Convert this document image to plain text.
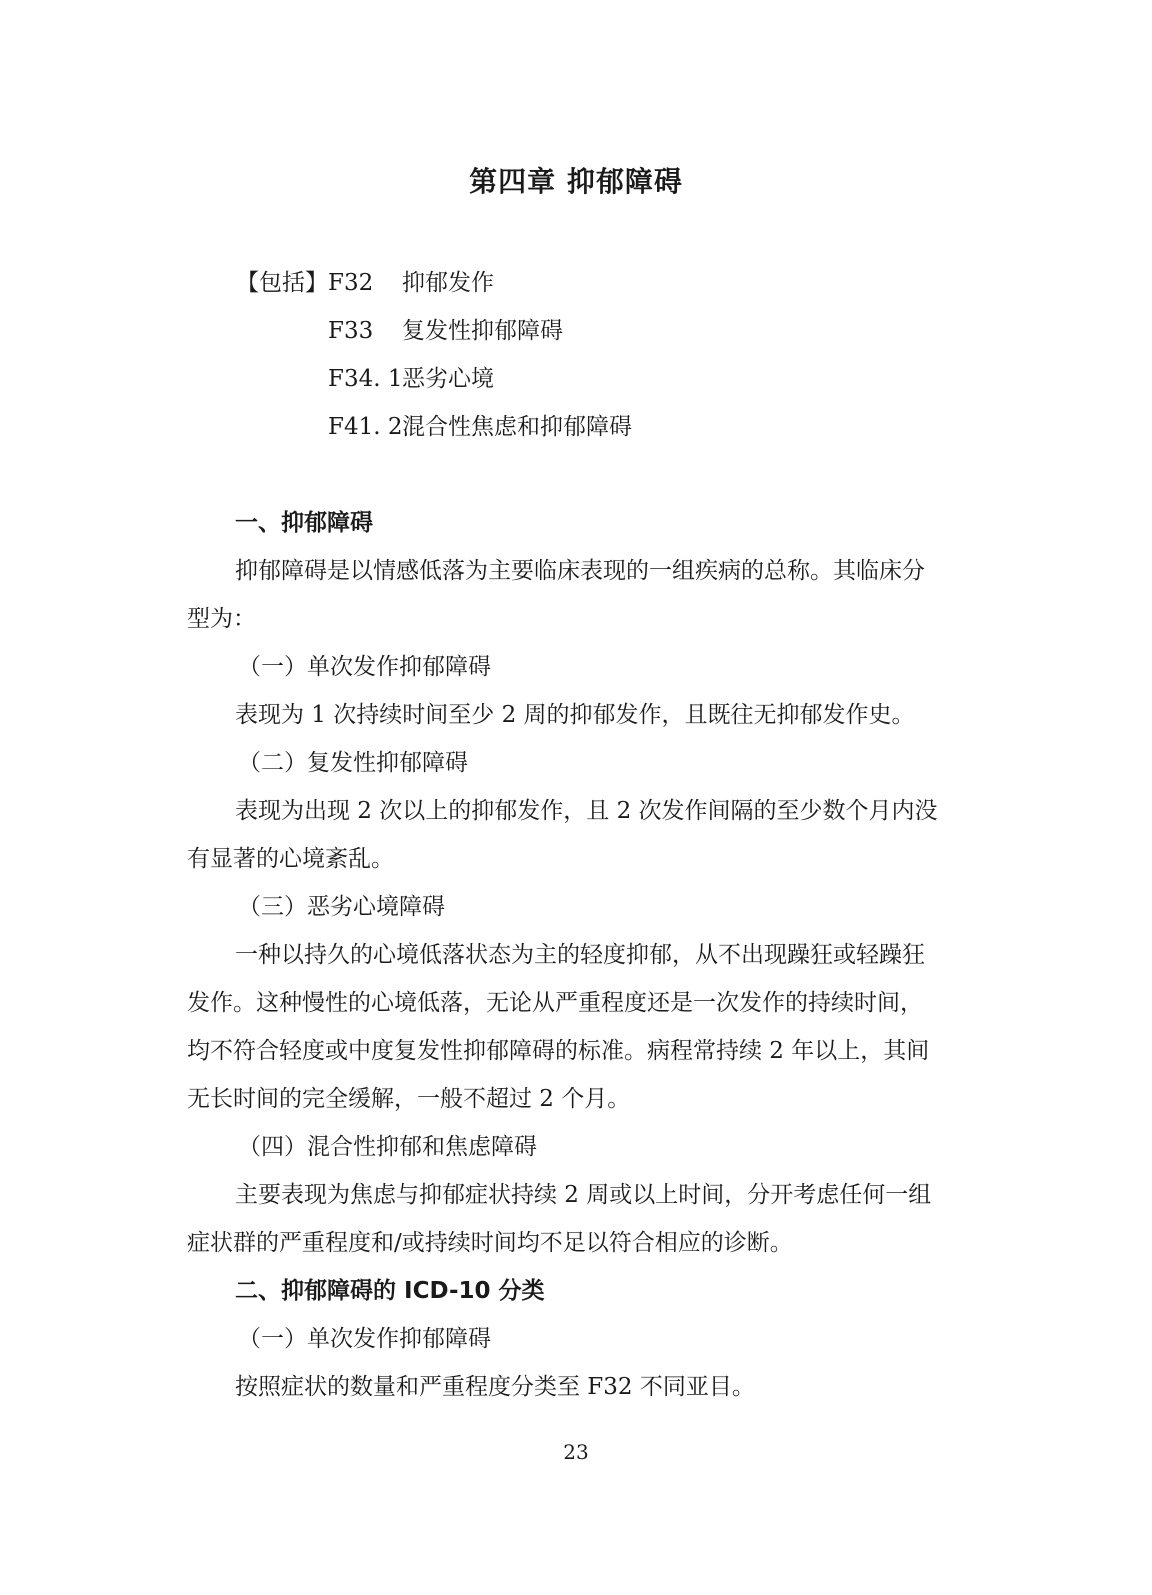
第四章 抑郁障碍
【包括】 F32 抑郁发作
F33 复发性抑郁障碍
F34. 1 恶劣心境
F41. 2 混合性焦虑和抑郁障碍
一、抑郁障碍
抑郁障碍是以情感低落为主要临床表现的一组疾病的总称。其临床分
型为：
（一）单次发作抑郁障碍
表现为 1 次持续时间至少 2 周的抑郁发作，且既往无抑郁发作史。
（二）复发性抑郁障碍
表现为出现 2 次以上的抑郁发作，且 2 次发作间隔的至少数个月内没
有显著的心境紊乱。
（三）恶劣心境障碍
一种以持久的心境低落状态为主的轻度抑郁，从不出现躁狂或轻躁狂
发作。这种慢性的心境低落，无论从严重程度还是一次发作的持续时间，
均不符合轻度或中度复发性抑郁障碍的标准。病程常持续 2 年以上，其间
无长时间的完全缓解，一般不超过 2 个月。
（四）混合性抑郁和焦虑障碍
主要表现为焦虑与抑郁症状持续 2 周或以上时间，分开考虑任何一组
症状群的严重程度和/或持续时间均不足以符合相应的诊断。
二、抑郁障碍的 ICD-10 分类
（一）单次发作抑郁障碍
按照症状的数量和严重程度分类至 F32 不同亚目。
23
